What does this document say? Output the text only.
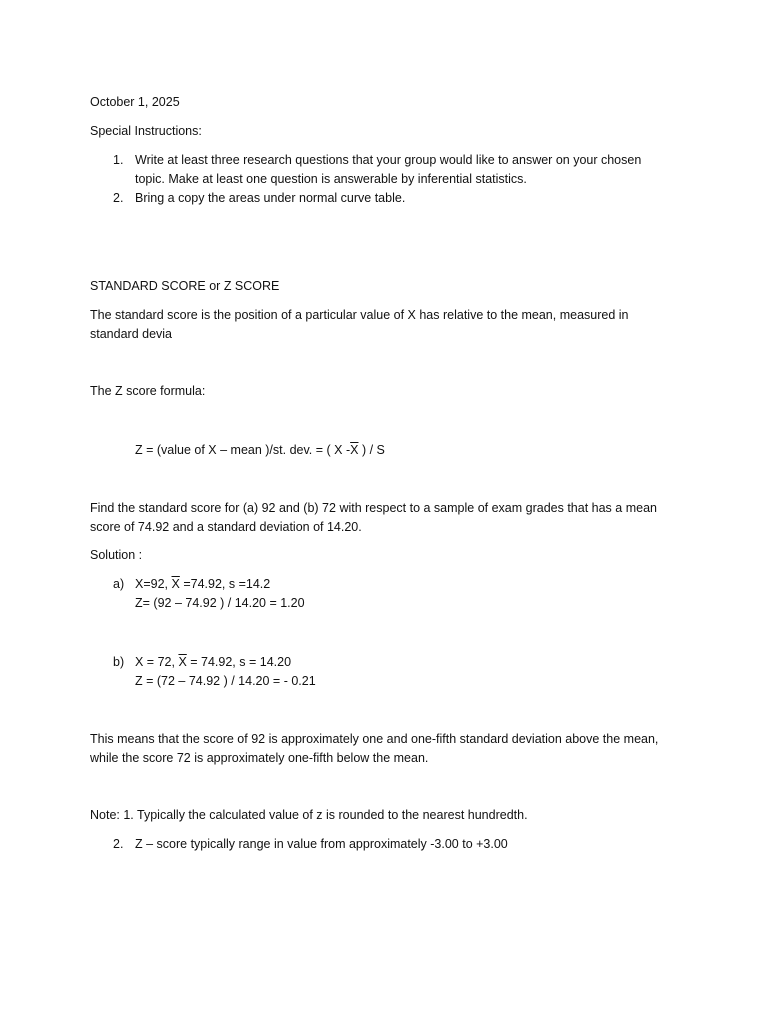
October 1, 2025
Special Instructions:
1. Write at least three research questions that your group would like to answer on your chosen
topic. Make at least one question is answerable by inferential statistics.
2. Bring a copy the areas under normal curve table.
STANDARD SCORE or Z SCORE
The standard score is the position of a particular value of X has relative to the mean, measured in
standard devia
The Z score formula:
Z = (value of X – mean )/st. dev. = ( X $-\overline{X}$ ) / S
Find the standard score for (a) 92 and (b) 72 with respect to a sample of exam grades that has a mean
score of 74.92 and a standard deviation of 14.20.
Solution :
a) X=92, $\overline{X} =74.92$, s =14.2
Z= (92 – 74.92 ) / 14.20 = 1.20
b) X = 72, $\overline{X} = 74.92$, s = 14.20
Z = (72 – 74.92 ) / 14.20 = - 0.21
This means that the score of 92 is approximately one and one-fifth standard deviation above the mean,
while the score 72 is approximately one-fifth below the mean.
Note: 1. Typically the calculated value of z is rounded to the nearest hundredth.
2. Z – score typically range in value from approximately -3.00 to +3.00
